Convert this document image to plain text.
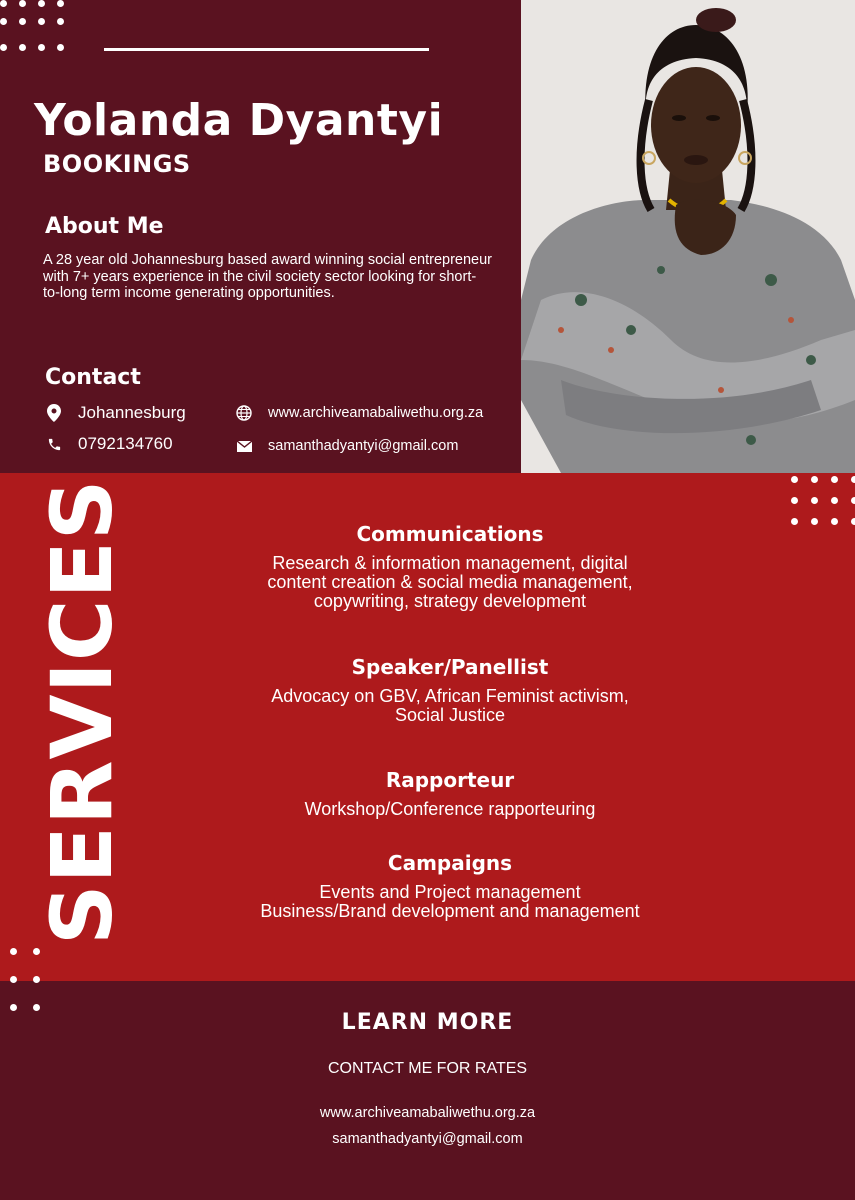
Yolanda Dyantyi
BOOKINGS
About Me
A 28 year old Johannesburg based award winning social entrepreneur with 7+ years experience in the civil society sector looking for short-to-long term income generating opportunities.
Contact
Johannesburg
0792134760
www.archiveamabaliwethu.org.za
samanthadyantyi@gmail.com
SERVICES	Communications

Research & information management, digital
content creation & social media management,
copywriting, strategy development

Speaker/Panellist

Advocacy on GBV, African Feminist activism,
Social Justice

Rapporteur

Workshop/Conference rapporteuring

Campaigns

Events and Project management
Business/Brand development and management

LEARN MORE
CONTACT ME FOR RATES
www.archiveamabaliwethu.org.za
samanthadyantyi@gmail.com
